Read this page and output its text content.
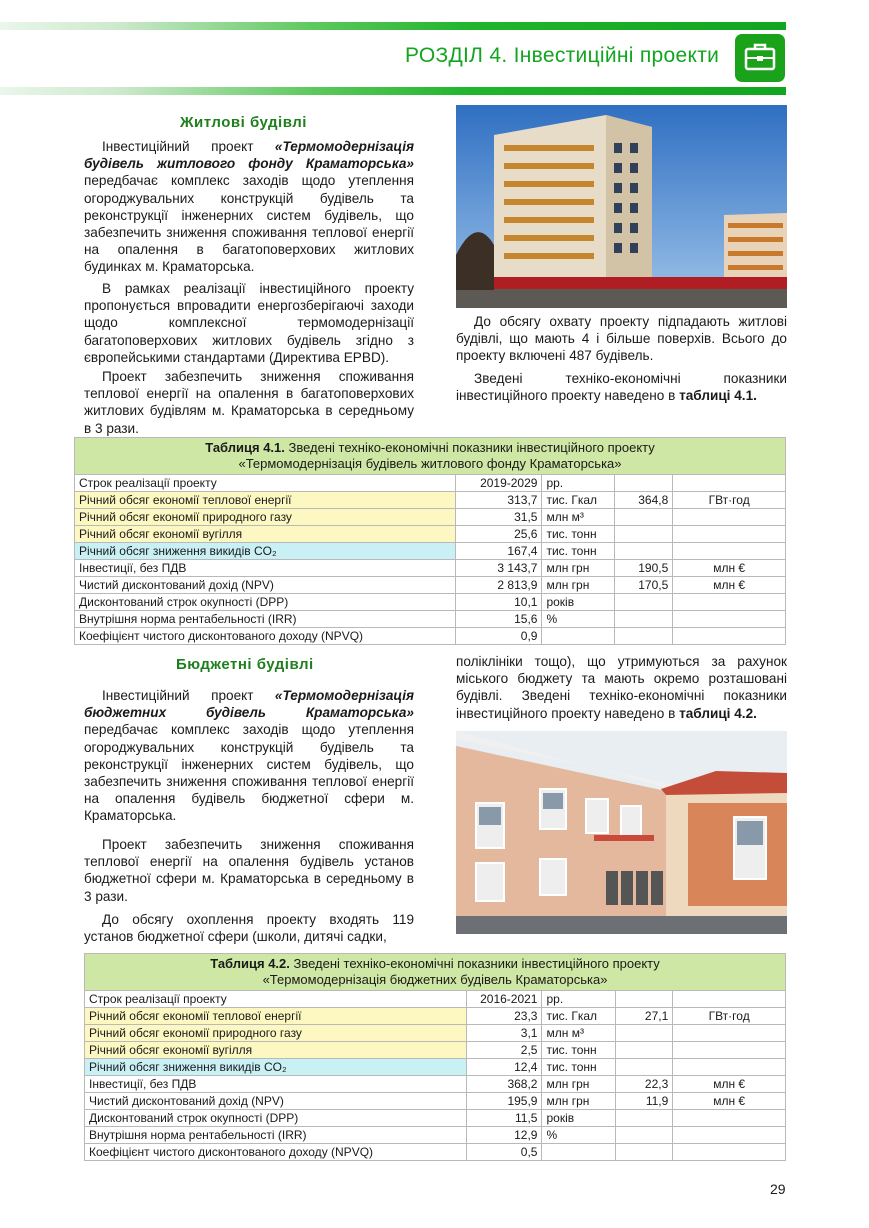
РОЗДІЛ 4. Інвестиційні проекти
Житлові будівлі

Інвестиційний проект «Термомодернізація будівель житлового фонду Краматорська» передбачає комплекс заходів щодо утеплення огороджувальних конструкцій будівель та реконструкції інженерних систем будівель, що забезпечить зниження споживання теплової енергії на опалення в багатоповерхових житлових будинках м. Краматорська.

В рамках реалізації інвестиційного проекту пропонується впровадити енергозберігаючі заходи щодо комплексної термомодернізації багатоповерхових житлових будівель згідно з європейськими стандартами (Директива EPBD).

Проект забезпечить зниження споживання теплової енергії на опалення в багатоповерхових житлових будівлям м. Краматорська в середньому в 3 рази.

До обсягу охвату проекту підпадають житлові будівлі, що мають 4 і більше поверхів. Всього до проекту включені 487 будівель.

Зведені техніко-економічні показники інвестиційного проекту наведено в таблиці 4.1.

Таблиця 4.1. Зведені техніко-економічні показники інвестиційного проекту
«Термомодернізація будівель житлового фонду Краматорська»				
Строк реалізації проекту	2019-2029	рр.		
Річний обсяг економії теплової енергії	313,7	тис. Гкал	364,8	ГВт·год
Річний обсяг економії природного газу	31,5	млн м³		
Річний обсяг економії вугілля	25,6	тис. тонн		
Річний обсяг зниження викидів CO₂	167,4	тис. тонн		
Інвестиції, без ПДВ	3 143,7	млн грн	190,5	млн €
Чистий дисконтований дохід (NPV)	2 813,9	млн грн	170,5	млн €
Дисконтований строк окупності (DPP)	10,1	років		
Внутрішня норма рентабельності (IRR)	15,6	%		
Коефіцієнт чистого дисконтованого доходу (NPVQ)	0,9			
Бюджетні будівлі

Інвестиційний проект «Термомодернізація бюджетних будівель Краматорська» передбачає комплекс заходів щодо утеплення огороджувальних конструкцій будівель та реконструкції інженерних систем будівель, що забезпечить зниження споживання теплової енергії на опалення будівель бюджетної сфери м. Краматорська.

Проект забезпечить зниження споживання теплової енергії на опалення будівель установ бюджетної сфери м. Краматорська в середньому в 3 рази.

До обсягу охоплення проекту входять 119 установ бюджетної сфери (школи, дитячі садки,

поліклініки тощо), що утримуються за рахунок міського бюджету та мають окремо розташовані будівлі. Зведені техніко-економічні показники інвестиційного проекту наведено в таблиці 4.2.

Таблиця 4.2. Зведені техніко-економічні показники інвестиційного проекту
«Термомодернізація бюджетних будівель Краматорська»				
Строк реалізації проекту	2016-2021	рр.		
Річний обсяг економії теплової енергії	23,3	тис. Гкал	27,1	ГВт·год
Річний обсяг економії природного газу	3,1	млн м³		
Річний обсяг економії вугілля	2,5	тис. тонн		
Річний обсяг зниження викидів CO₂	12,4	тис. тонн		
Інвестиції, без ПДВ	368,2	млн грн	22,3	млн €
Чистий дисконтований дохід (NPV)	195,9	млн грн	11,9	млн €
Дисконтований строк окупності (DPP)	11,5	років		
Внутрішня норма рентабельності (IRR)	12,9	%		
Коефіцієнт чистого дисконтованого доходу (NPVQ)	0,5			
29
